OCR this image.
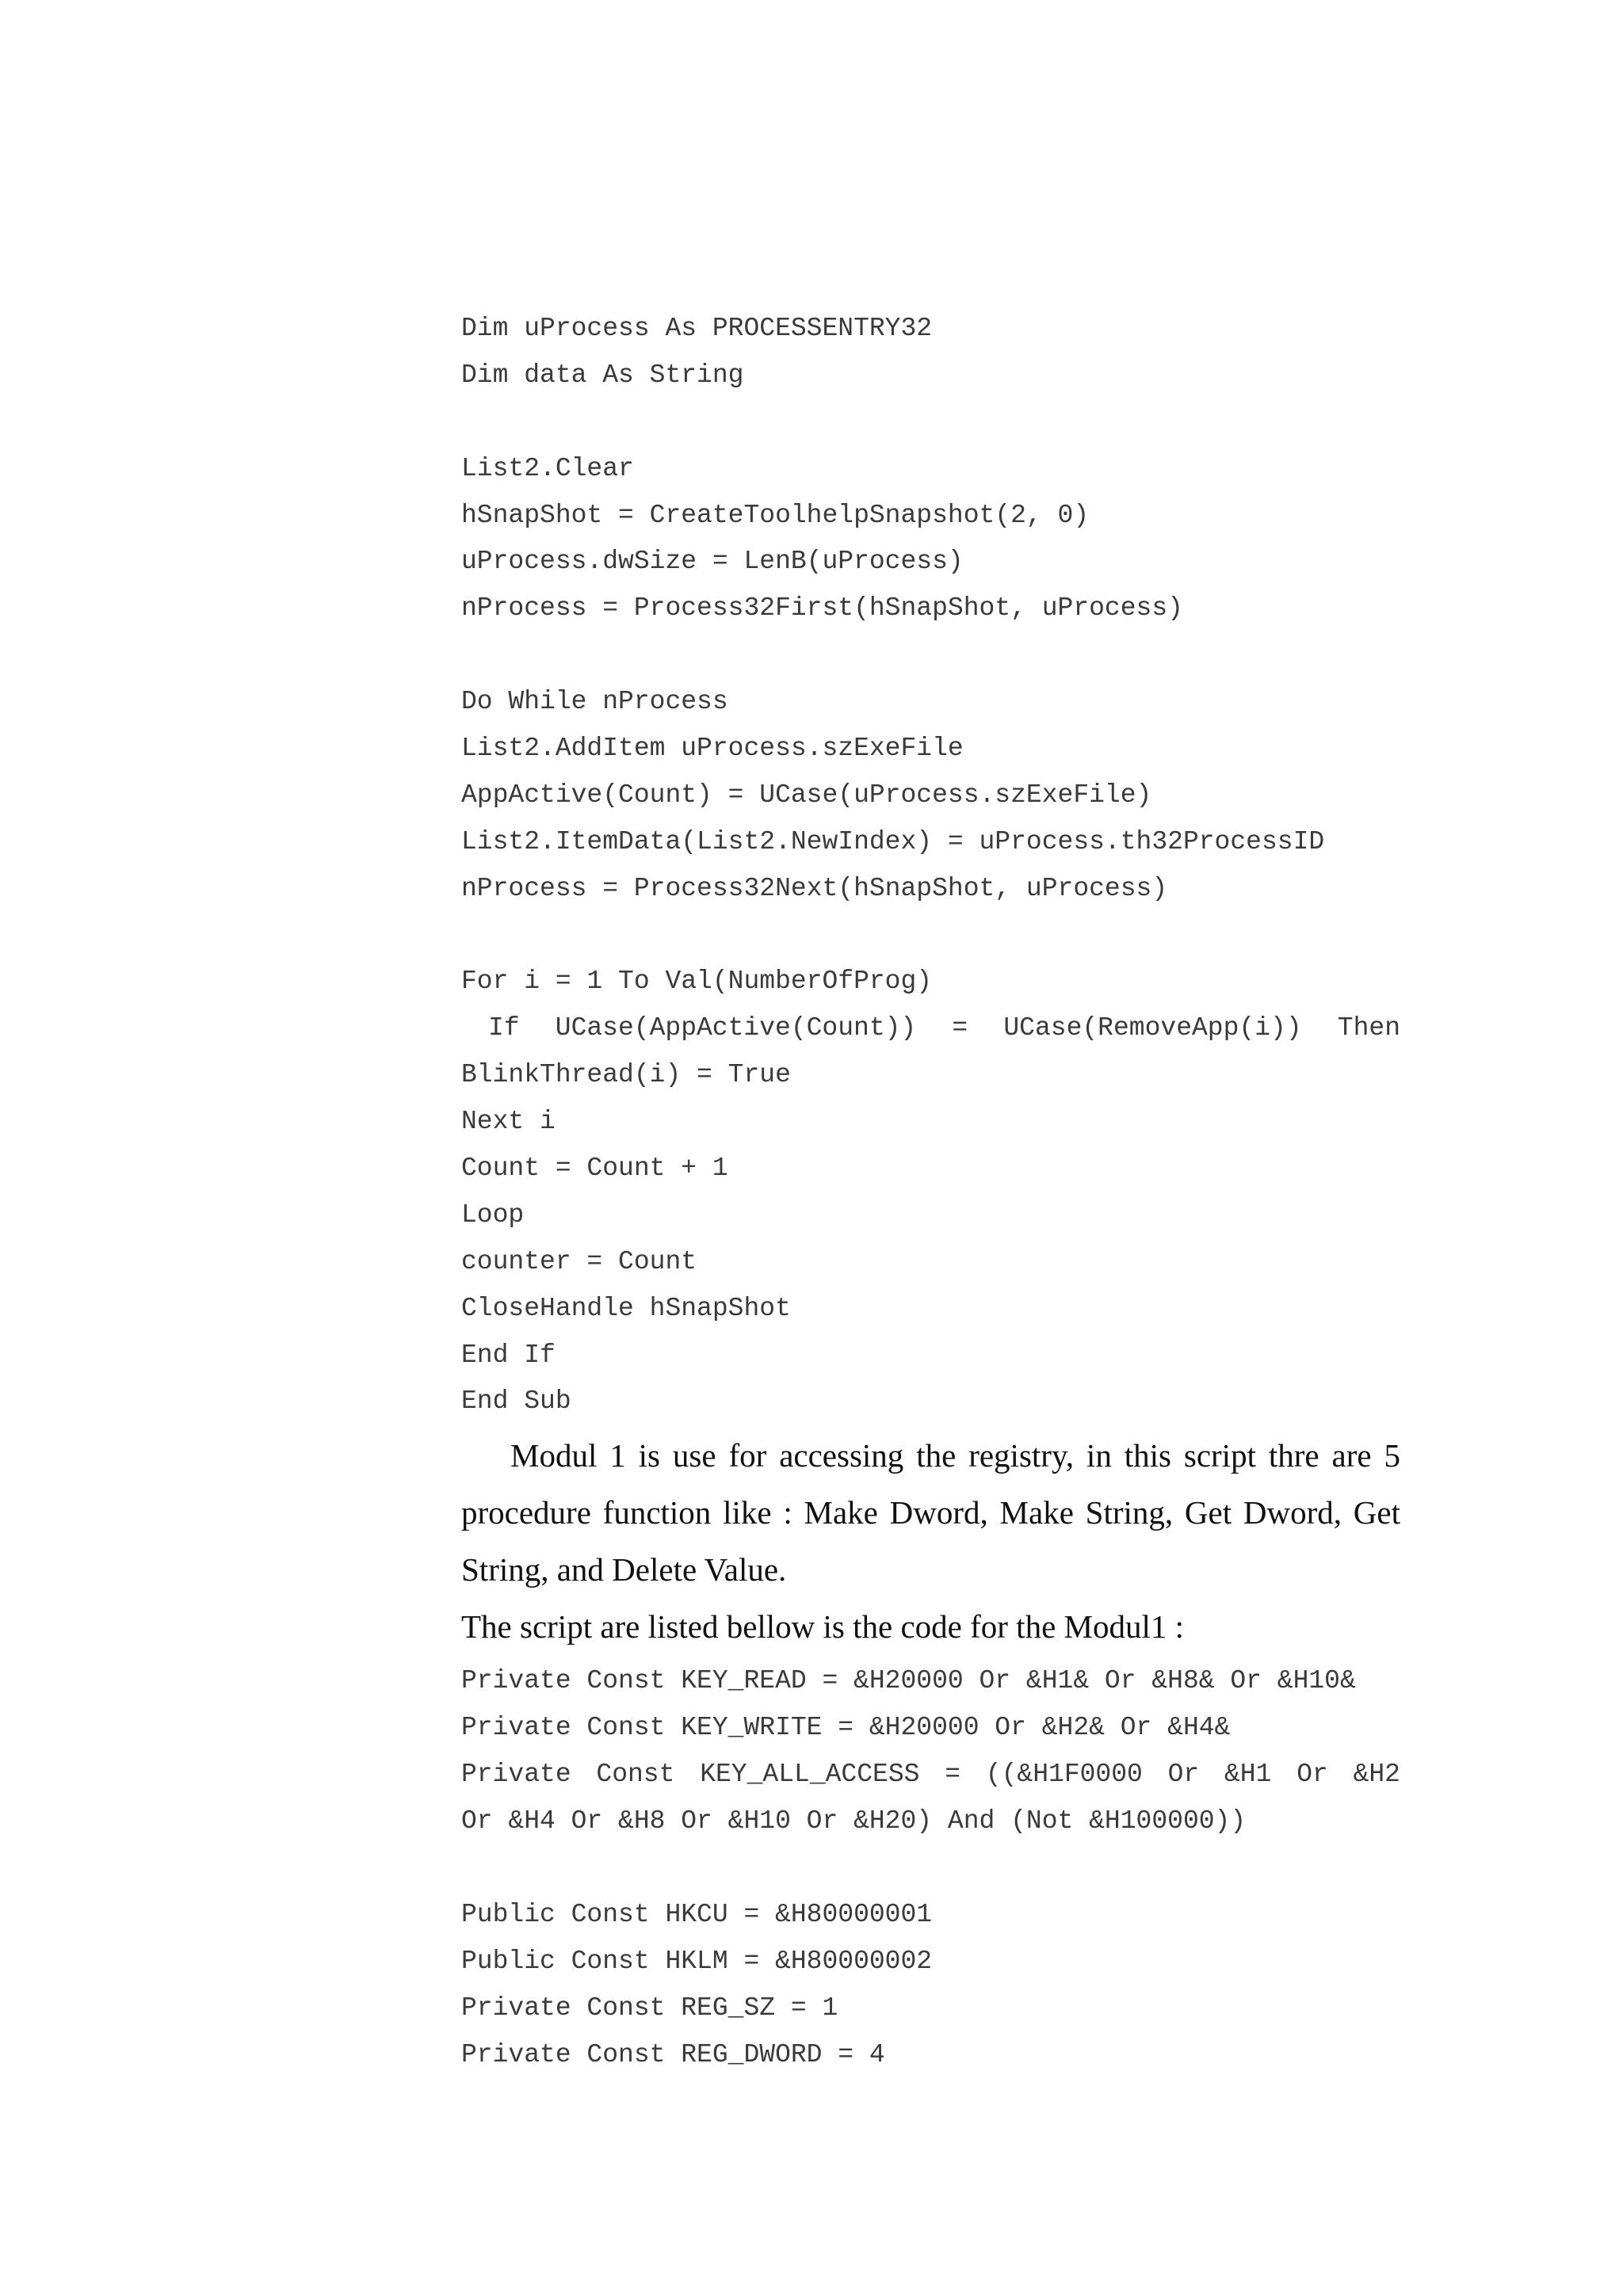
Dim uProcess As PROCESSENTRY32
Dim data As String
List2.Clear
hSnapShot = CreateToolhelpSnapshot(2, 0)
uProcess.dwSize = LenB(uProcess)
nProcess = Process32First(hSnapShot, uProcess)
Do While nProcess
List2.AddItem uProcess.szExeFile
AppActive(Count) = UCase(uProcess.szExeFile)
List2.ItemData(List2.NewIndex) = uProcess.th32ProcessID
nProcess = Process32Next(hSnapShot, uProcess)
For i = 1 To Val(NumberOfProg)
If UCase(AppActive(Count)) = UCase(RemoveApp(i)) Then
BlinkThread(i) = True
Next i
Count = Count + 1
Loop
counter = Count
CloseHandle hSnapShot
End If
End Sub

Modul 1 is use for accessing the registry, in this script thre are 5 procedure function like : Make Dword, Make String, Get Dword, Get String, and Delete Value.

The script are listed bellow is the code for the Modul1 :

Private Const KEY_READ = &H20000 Or &H1& Or &H8& Or &H10&
Private Const KEY_WRITE = &H20000 Or &H2& Or &H4&
Private Const KEY_ALL_ACCESS = ((&H1F0000 Or &H1 Or &H2
Or &H4 Or &H8 Or &H10 Or &H20) And (Not &H100000))
Public Const HKCU = &H80000001
Public Const HKLM = &H80000002
Private Const REG_SZ = 1
Private Const REG_DWORD = 4
